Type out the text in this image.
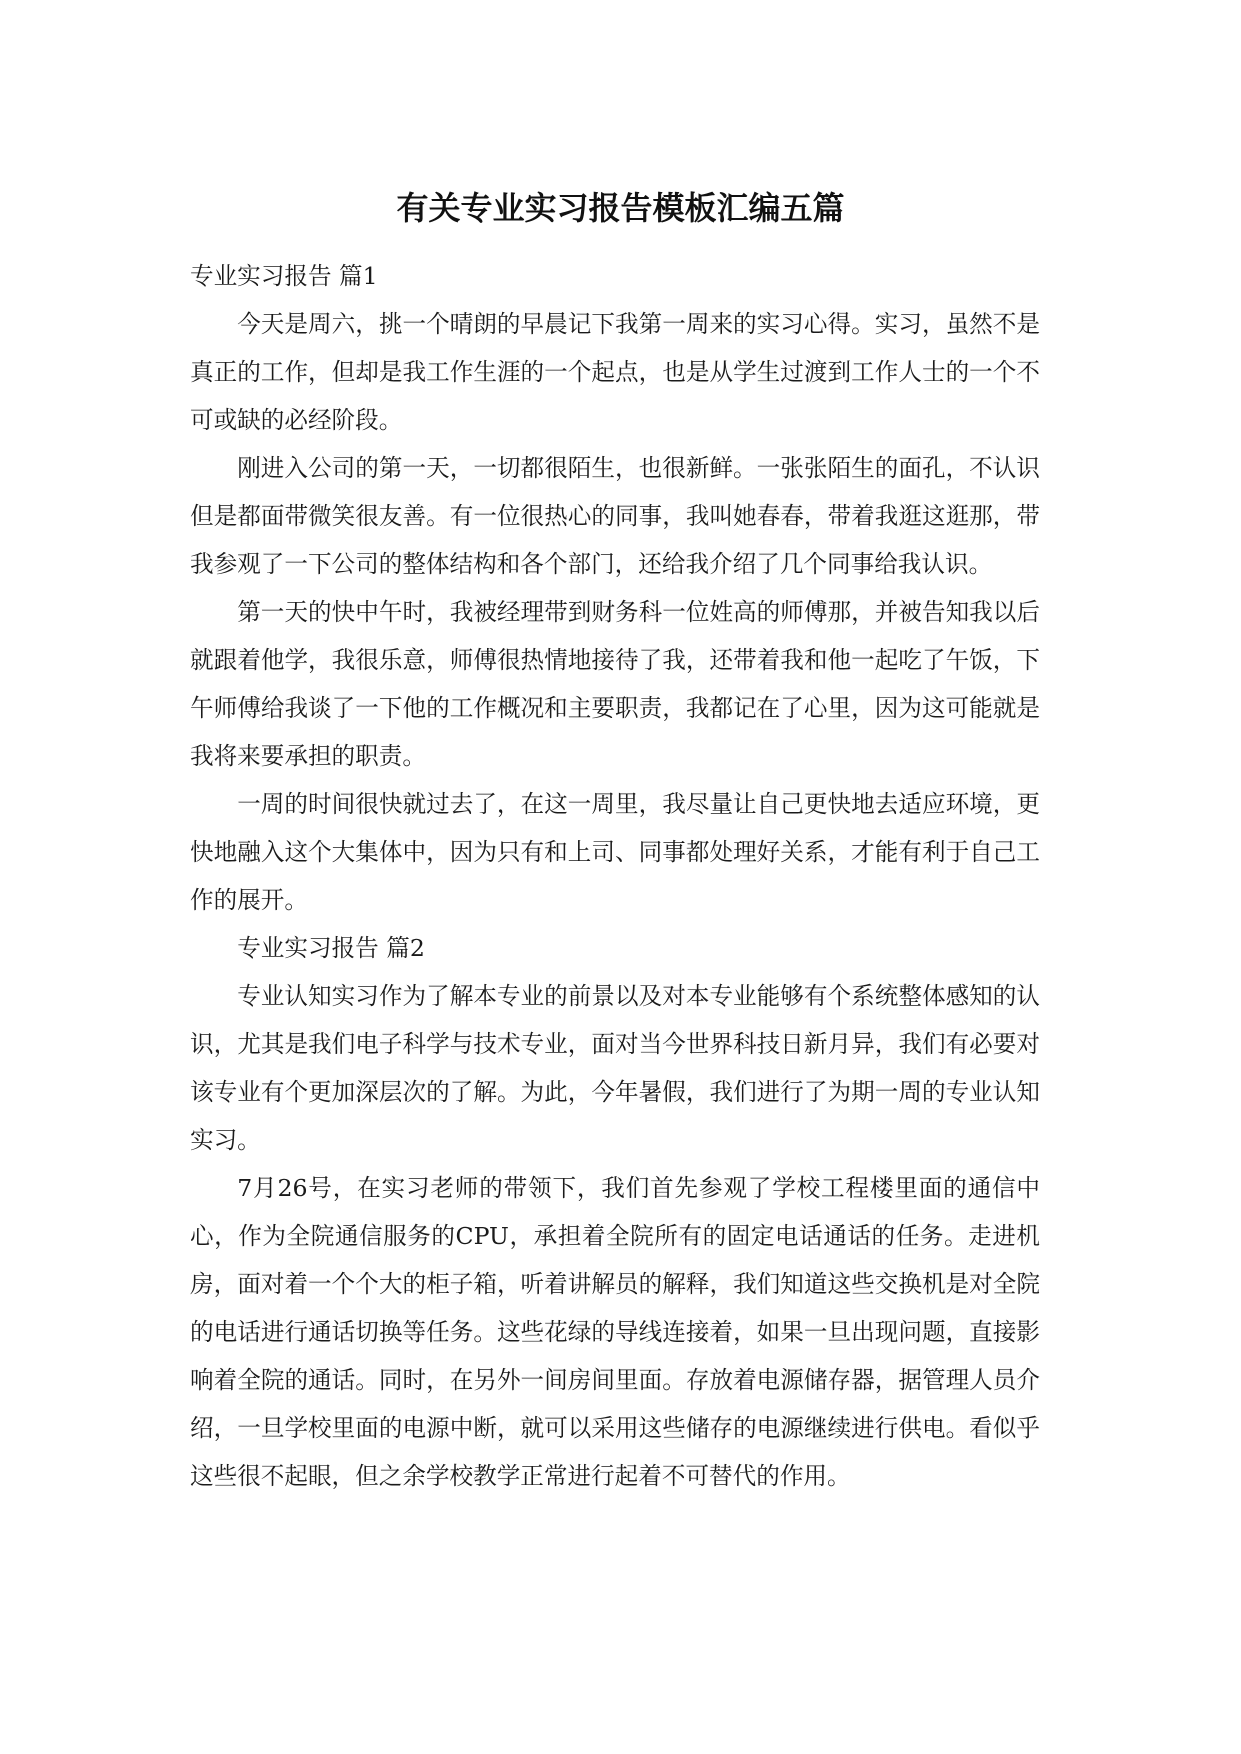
有关专业实习报告模板汇编五篇

专业实习报告 篇1

今天是周六，挑一个晴朗的早晨记下我第一周来的实习心得。实习，虽然不是真正的工作，但却是我工作生涯的一个起点，也是从学生过渡到工作人士的一个不可或缺的必经阶段。

刚进入公司的第一天，一切都很陌生，也很新鲜。一张张陌生的面孔，不认识但是都面带微笑很友善。有一位很热心的同事，我叫她春春，带着我逛这逛那，带我参观了一下公司的整体结构和各个部门，还给我介绍了几个同事给我认识。

第一天的快中午时，我被经理带到财务科一位姓高的师傅那，并被告知我以后就跟着他学，我很乐意，师傅很热情地接待了我，还带着我和他一起吃了午饭，下午师傅给我谈了一下他的工作概况和主要职责，我都记在了心里，因为这可能就是我将来要承担的职责。

一周的时间很快就过去了，在这一周里，我尽量让自己更快地去适应环境，更快地融入这个大集体中，因为只有和上司、同事都处理好关系，才能有利于自己工作的展开。

专业实习报告 篇2

专业认知实习作为了解本专业的前景以及对本专业能够有个系统整体感知的认识，尤其是我们电子科学与技术专业，面对当今世界科技日新月异，我们有必要对该专业有个更加深层次的了解。为此，今年暑假，我们进行了为期一周的专业认知实习。

7月26号，在实习老师的带领下，我们首先参观了学校工程楼里面的通信中心，作为全院通信服务的CPU，承担着全院所有的固定电话通话的任务。走进机房，面对着一个个大的柜子箱，听着讲解员的解释，我们知道这些交换机是对全院的电话进行通话切换等任务。这些花绿的导线连接着，如果一旦出现问题，直接影响着全院的通话。同时，在另外一间房间里面。存放着电源储存器，据管理人员介绍，一旦学校里面的电源中断，就可以采用这些储存的电源继续进行供电。看似乎这些很不起眼，但之余学校教学正常进行起着不可替代的作用。
